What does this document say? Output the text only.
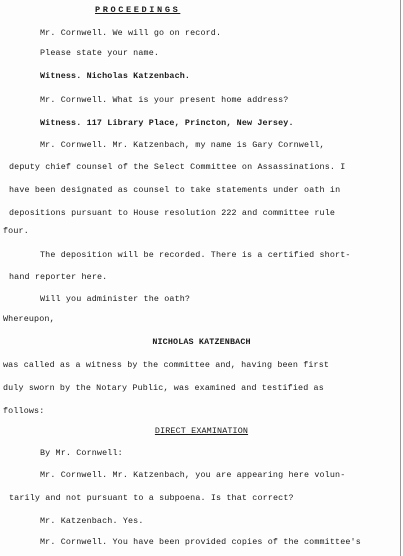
PROCEEDINGS
Mr. Cornwell. We will go on record.
Please state your name.
Witness. Nicholas Katzenbach.
Mr. Cornwell. What is your present home address?
Witness. 117 Library Place, Princton, New Jersey.
Mr. Cornwell. Mr. Katzenbach, my name is Gary Cornwell,
deputy chief counsel of the Select Committee on Assassinations. I
have been designated as counsel to take statements under oath in
depositions pursuant to House resolution 222 and committee rule
four.
The deposition will be recorded. There is a certified short-
hand reporter here.
Will you administer the oath?
Whereupon,
NICHOLAS KATZENBACH
was called as a witness by the committee and, having been first
duly sworn by the Notary Public, was examined and testified as
follows:
DIRECT EXAMINATION
By Mr. Cornwell:
Mr. Cornwell. Mr. Katzenbach, you are appearing here volun-
tarily and not pursuant to a subpoena. Is that correct?
Mr. Katzenbach. Yes.
Mr. Cornwell. You have been provided copies of the committee's
